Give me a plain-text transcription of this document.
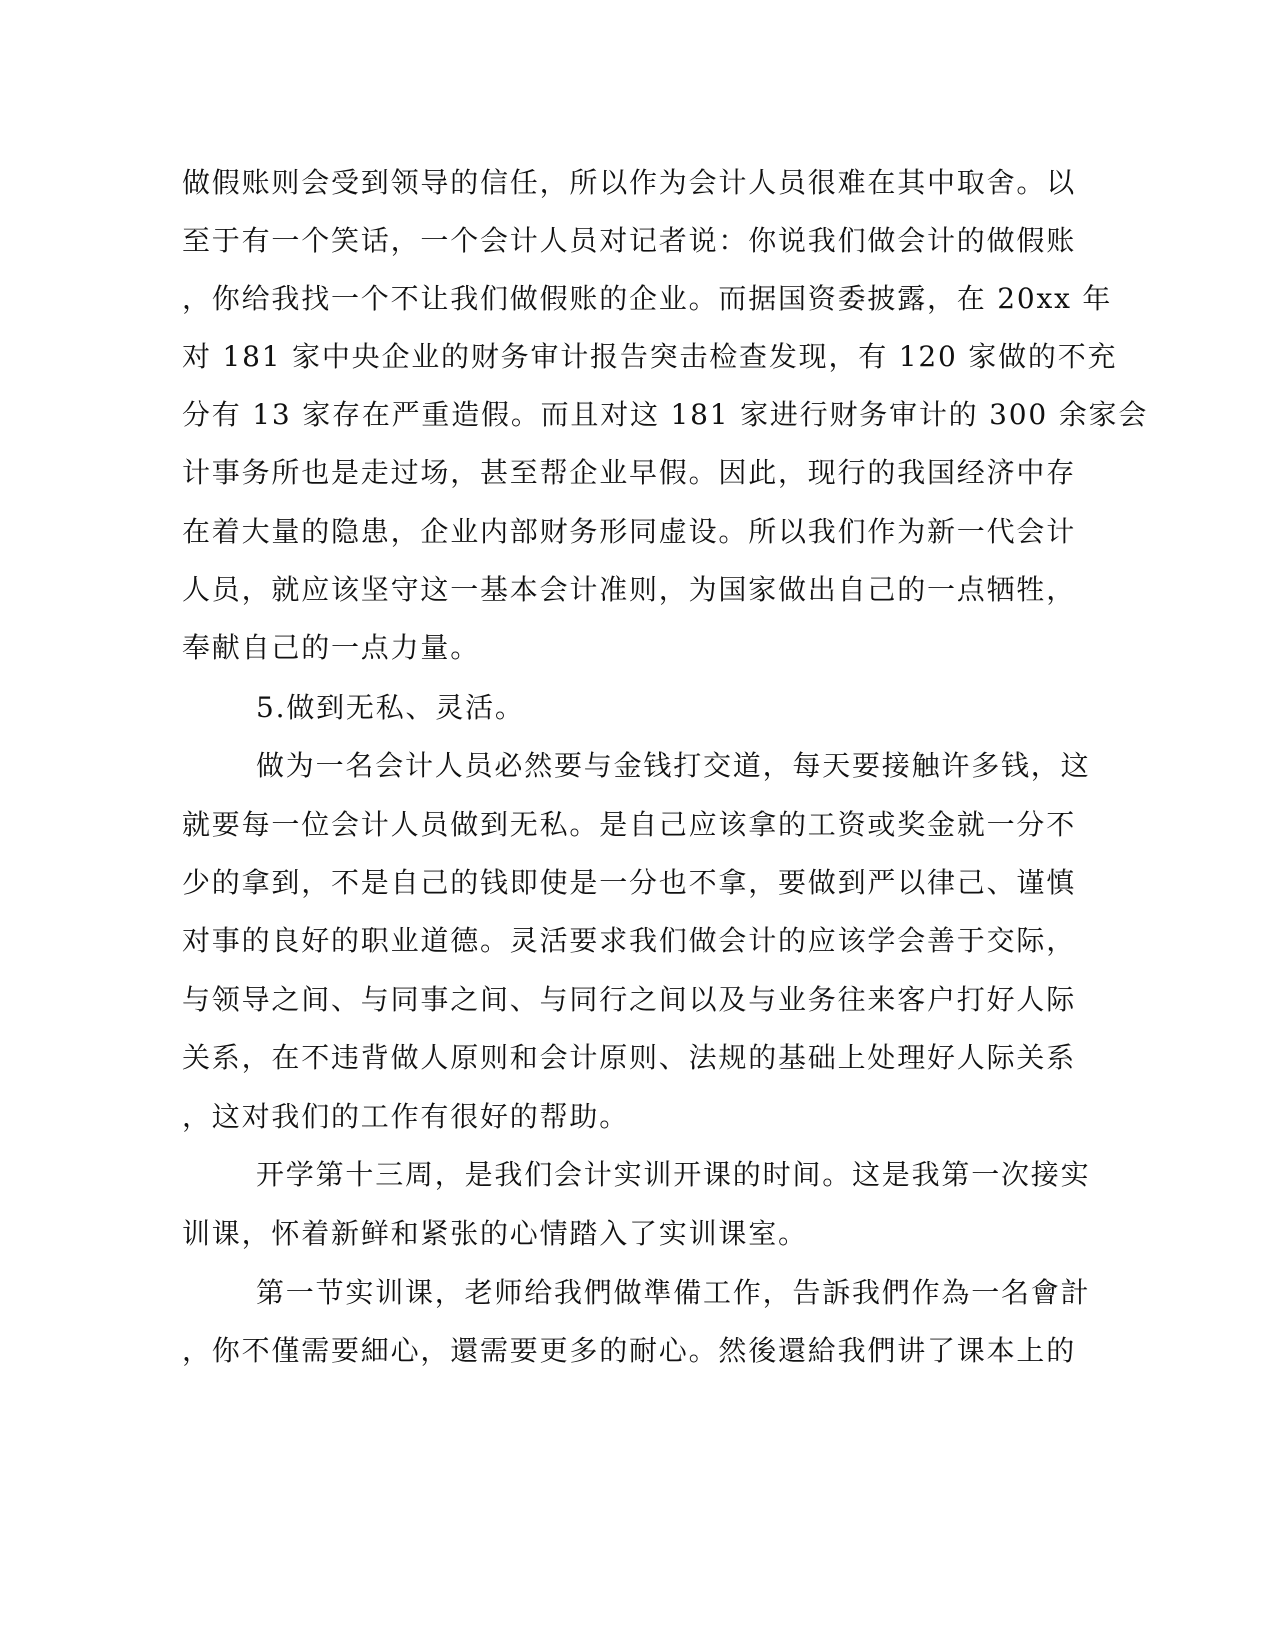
做假账则会受到领导的信任，所以作为会计人员很难在其中取舍。以
至于有一个笑话，一个会计人员对记者说：你说我们做会计的做假账
，你给我找一个不让我们做假账的企业。而据国资委披露，在 20xx 年
对 181 家中央企业的财务审计报告突击检查发现，有 120 家做的不充
分有 13 家存在严重造假。而且对这 181 家进行财务审计的 300 余家会
计事务所也是走过场，甚至帮企业早假。因此，现行的我国经济中存
在着大量的隐患，企业内部财务形同虚设。所以我们作为新一代会计
人员，就应该坚守这一基本会计准则，为国家做出自己的一点牺牲，
奉献自己的一点力量。
5.做到无私、灵活。
做为一名会计人员必然要与金钱打交道，每天要接触许多钱，这
就要每一位会计人员做到无私。是自己应该拿的工资或奖金就一分不
少的拿到，不是自己的钱即使是一分也不拿，要做到严以律己、谨慎
对事的良好的职业道德。灵活要求我们做会计的应该学会善于交际，
与领导之间、与同事之间、与同行之间以及与业务往来客户打好人际
关系，在不违背做人原则和会计原则、法规的基础上处理好人际关系
，这对我们的工作有很好的帮助。
开学第十三周，是我们会计实训开课的时间。这是我第一次接实
训课，怀着新鲜和紧张的心情踏入了实训课室。
第一节实训课，老师给我們做準備工作，告訴我們作為一名會計
，你不僅需要細心，還需要更多的耐心。然後還給我們讲了课本上的
